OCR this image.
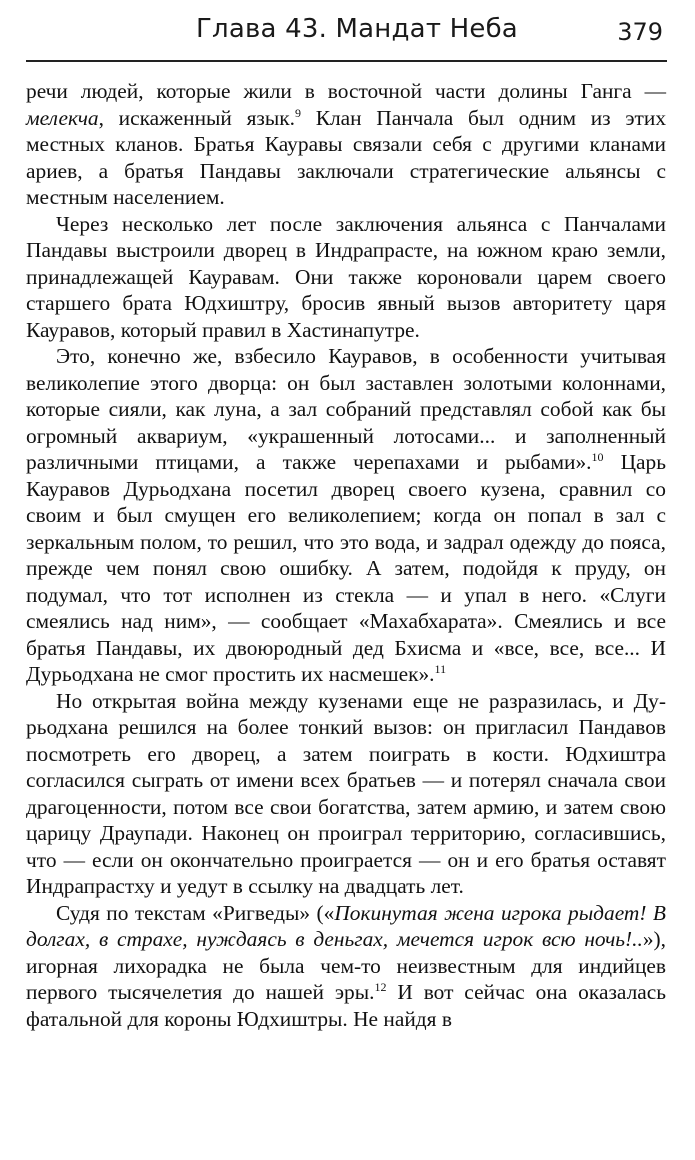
Глава 43. Мандат Неба	379

речи людей, которые жили в восточной части долины Ганга — мелекча, искаженный язык.$^9$ Клан Панчала был одним из этих местных кланов. Братья Кауравы связали себя с другими кланами ариев, а братья Пандавы заключали стратегические альянсы с местным населением.

Через несколько лет после заключения альянса с Панчалами Пандавы выстроили дворец в Индрапрасте, на южном краю земли, принадлежащей Кауравам. Они также короновали царем своего старшего брата Юдхиштру, бросив явный вызов авторитету царя Кауравов, который правил в Хастинапутре.

Это, конечно же, взбесило Кауравов, в особенности учитывая великолепие этого дворца: он был заставлен золотыми колоннами, которые сияли, как луна, а зал собраний представлял собой как бы огромный аквариум, «украшенный лотосами... и заполненный различными птицами, а также черепахами и рыбами».$^{10}$ Царь Кауравов Дурьодхана посетил дворец своего кузена, сравнил со своим и был смущен его великолепием; когда он попал в зал с зеркальным полом, то решил, что это вода, и задрал одежду до пояса, прежде чем понял свою ошибку. А затем, подойдя к пруду, он подумал, что тот исполнен из стекла — и упал в него. «Слуги смеялись над ним», — сообщает «Махабхарата». Смеялись и все братья Пандавы, их двоюродный дед Бхисма и «все, все, все... И Дурьодхана не смог простить их насмешек».$^{11}$

Но открытая война между кузенами еще не разразилась, и Дурьодхана решился на более тонкий вызов: он пригласил Пандавов посмотреть его дворец, а затем поиграть в кости. Юдхиштра согласился сыграть от имени всех братьев — и потерял сначала свои драгоценности, потом все свои богатства, затем армию, и затем свою царицу Драупади. Наконец он проиграл территорию, согласившись, что — если он окончательно проиграется — он и его братья оставят Индрапрастху и уедут в ссылку на двадцать лет.

Судя по текстам «Ригведы» («Покинутая жена игрока рыдает! В долгах, в страхе, нуждаясь в деньгах, мечется игрок всю ночь!..»), игорная лихорадка не была чем-то неизвестным для индийцев первого тысячелетия до нашей эры.$^{12}$ И вот сейчас она оказалась фатальной для короны Юдхиштры. Не найдя в
